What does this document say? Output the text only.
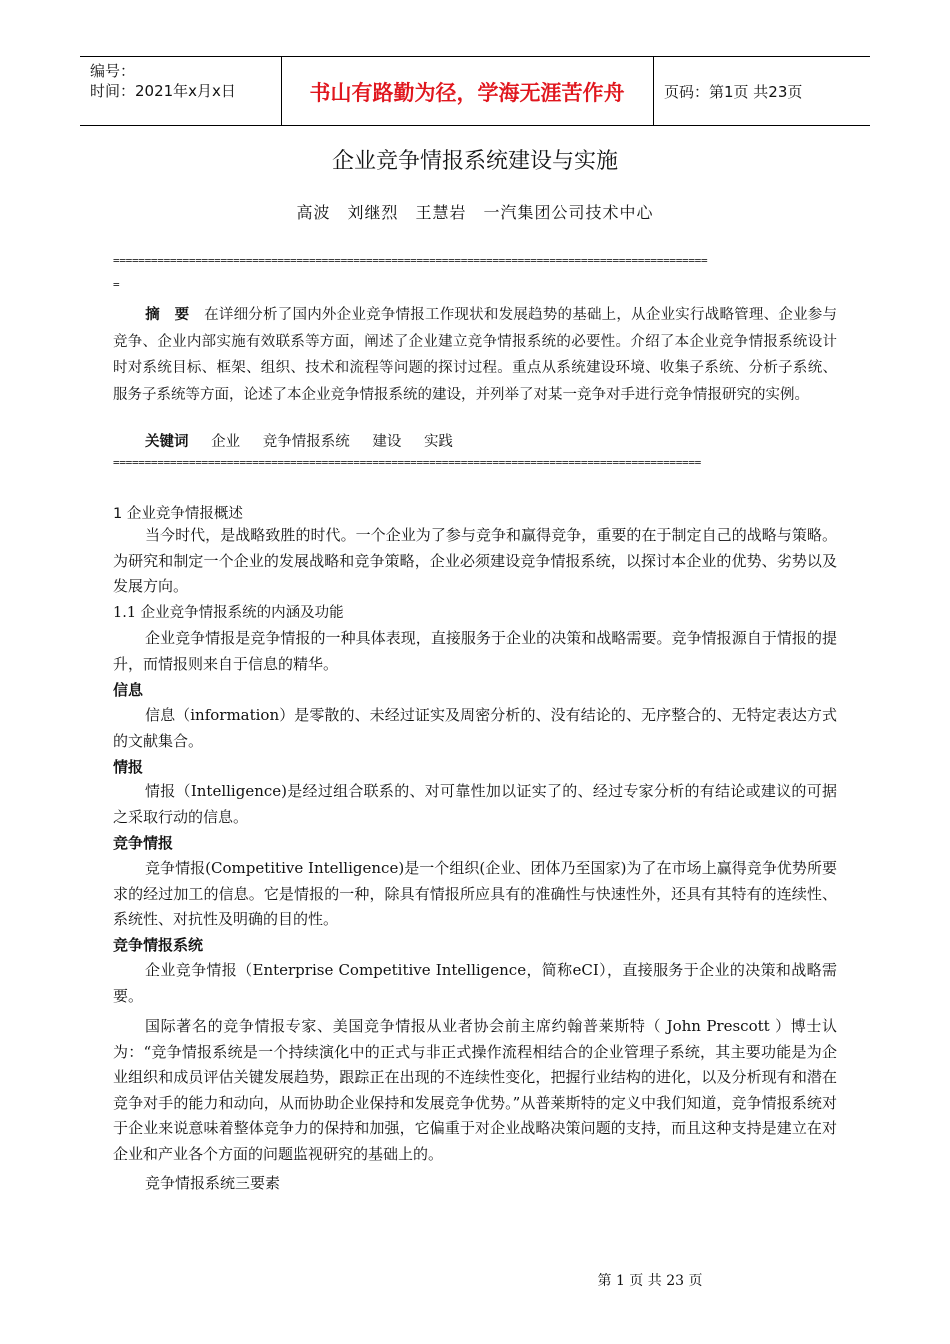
编号：
时间：2021年x月x日	书山有路勤为径，学海无涯苦作舟	页码：第1页 共23页
企业竞争情报系统建设与实施
高波　刘继烈　王慧岩　一汽集团公司技术中心
==============================================================================================
=
摘　要　 在详细分析了国内外企业竞争情报工作现状和发展趋势的基础上，从企业实行战略管理、企业参与竞争、企业内部实施有效联系等方面，阐述了企业建立竞争情报系统的必要性。介绍了本企业竞争情报系统设计时对系统目标、框架、组织、技术和流程等问题的探讨过程。重点从系统建设环境、收集子系统、分析子系统、服务子系统等方面，论述了本企业竞争情报系统的建设，并列举了对某一竞争对手进行竞争情报研究的实例。
关键词 企业 竞争情报系统 建设 实践
=============================================================================================
1 企业竞争情报概述

当今时代，是战略致胜的时代。一个企业为了参与竞争和赢得竞争，重要的在于制定自己的战略与策略。为研究和制定一个企业的发展战略和竞争策略，企业必须建设竞争情报系统，以探讨本企业的优势、劣势以及发展方向。

1.1 企业竞争情报系统的内涵及功能

企业竞争情报是竞争情报的一种具体表现，直接服务于企业的决策和战略需要。竞争情报源自于情报的提升，而情报则来自于信息的精华。

信息

信息（information）是零散的、未经过证实及周密分析的、没有结论的、无序整合的、无特定表达方式的文献集合。

情报

情报（Intelligence)是经过组合联系的、对可靠性加以证实了的、经过专家分析的有结论或建议的可据之采取行动的信息。

竞争情报

竞争情报(Competitive Intelligence)是一个组织(企业、团体乃至国家)为了在市场上赢得竞争优势所要求的经过加工的信息。它是情报的一种，除具有情报所应具有的准确性与快速性外，还具有其特有的连续性、系统性、对抗性及明确的目的性。

竞争情报系统

企业竞争情报（Enterprise Competitive Intelligence，简称eCI），直接服务于企业的决策和战略需要。

国际著名的竞争情报专家、美国竞争情报从业者协会前主席约翰普莱斯特（ John Prescott ）博士认为：“竞争情报系统是一个持续演化中的正式与非正式操作流程相结合的企业管理子系统，其主要功能是为企业组织和成员评估关键发展趋势，跟踪正在出现的不连续性变化，把握行业结构的进化，以及分析现有和潜在竞争对手的能力和动向，从而协助企业保持和发展竞争优势。”从普莱斯特的定义中我们知道，竞争情报系统对于企业来说意味着整体竞争力的保持和加强，它偏重于对企业战略决策问题的支持，而且这种支持是建立在对企业和产业各个方面的问题监视研究的基础上的。

竞争情报系统三要素

第 1 页 共 23 页
